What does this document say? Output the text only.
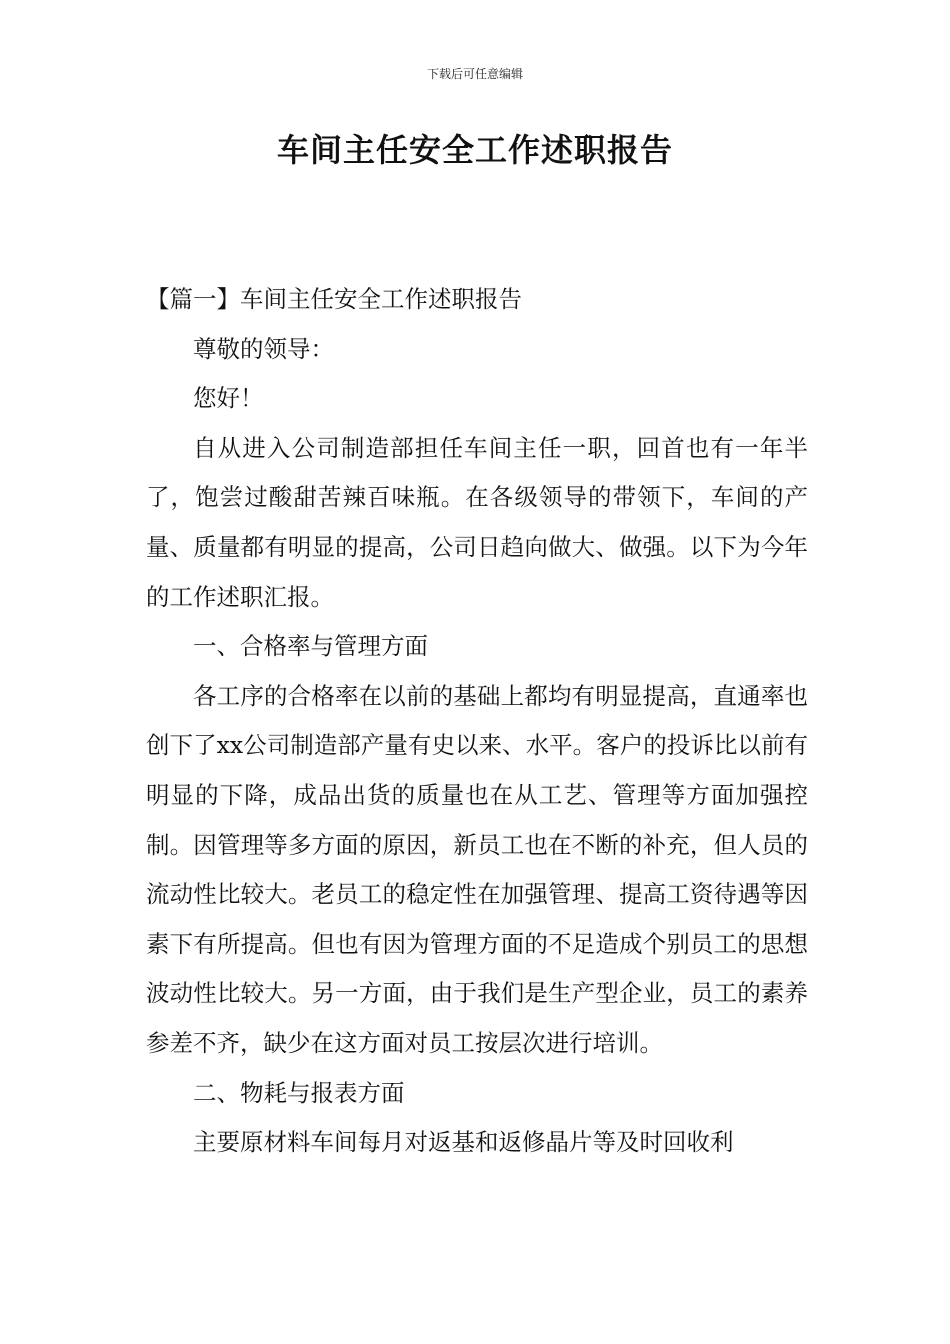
下载后可任意编辑
车间主任安全工作述职报告

【篇一】车间主任安全工作述职报告

尊敬的领导：

您好！

自从进入公司制造部担任车间主任一职，回首也有一年半了，饱尝过酸甜苦辣百味瓶。在各级领导的带领下，车间的产量、质量都有明显的提高，公司日趋向做大、做强。以下为今年的工作述职汇报。

一、合格率与管理方面

各工序的合格率在以前的基础上都均有明显提高，直通率也创下了xx公司制造部产量有史以来、水平。客户的投诉比以前有明显的下降，成品出货的质量也在从工艺、管理等方面加强控制。因管理等多方面的原因，新员工也在不断的补充，但人员的流动性比较大。老员工的稳定性在加强管理、提高工资待遇等因素下有所提高。但也有因为管理方面的不足造成个别员工的思想波动性比较大。另一方面，由于我们是生产型企业，员工的素养参差不齐，缺少在这方面对员工按层次进行培训。

二、物耗与报表方面

主要原材料车间每月对返基和返修晶片等及时回收利
